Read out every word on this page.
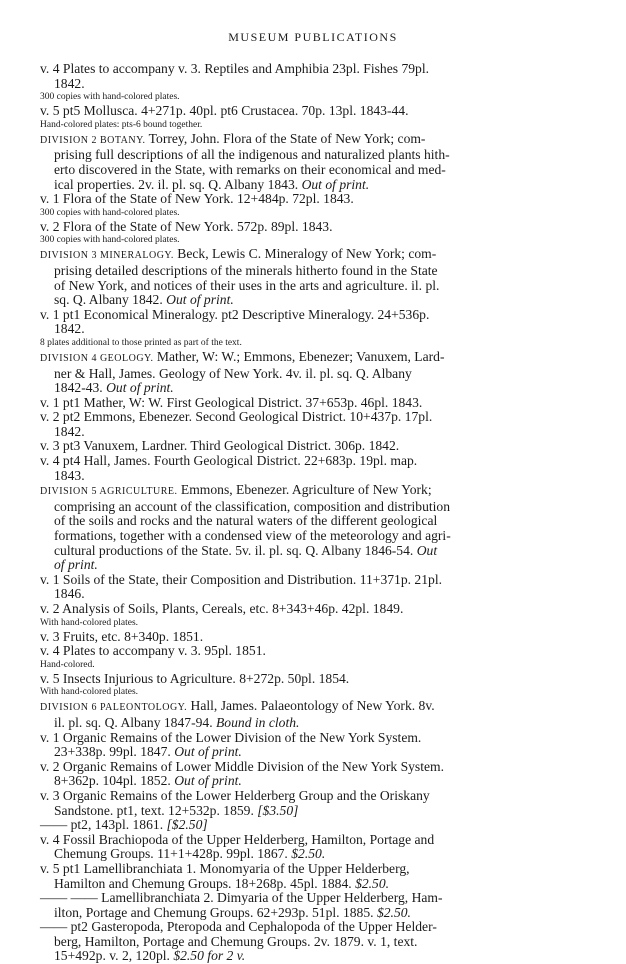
MUSEUM PUBLICATIONS

v. 4 Plates to accompany v. 3. Reptiles and Amphibia 23pl. Fishes 79pl.

1842.

300 copies with hand-colored plates.

v. 5 pt5 Mollusca. 4+271p. 40pl. pt6 Crustacea. 70p. 13pl. 1843-44.

Hand-colored plates: pts-6 bound together.

DIVISION 2 BOTANY. Torrey, John. Flora of the State of New York; com-

prising full descriptions of all the indigenous and naturalized plants hith-

erto discovered in the State, with remarks on their economical and med-

ical properties. 2v. il. pl. sq. Q. Albany 1843. Out of print.

v. 1 Flora of the State of New York. 12+484p. 72pl. 1843.

300 copies with hand-colored plates.

v. 2 Flora of the State of New York. 572p. 89pl. 1843.

300 copies with hand-colored plates.

DIVISION 3 MINERALOGY. Beck, Lewis C. Mineralogy of New York; com-

prising detailed descriptions of the minerals hitherto found in the State

of New York, and notices of their uses in the arts and agriculture. il. pl.

sq. Q. Albany 1842. Out of print.

v. 1 pt1 Economical Mineralogy. pt2 Descriptive Mineralogy. 24+536p.

1842.

8 plates additional to those printed as part of the text.

DIVISION 4 GEOLOGY. Mather, W: W.; Emmons, Ebenezer; Vanuxem, Lard-

ner & Hall, James. Geology of New York. 4v. il. pl. sq. Q. Albany

1842-43. Out of print.

v. 1 pt1 Mather, W: W. First Geological District. 37+653p. 46pl. 1843.

v. 2 pt2 Emmons, Ebenezer. Second Geological District. 10+437p. 17pl.

1842.

v. 3 pt3 Vanuxem, Lardner. Third Geological District. 306p. 1842.

v. 4 pt4 Hall, James. Fourth Geological District. 22+683p. 19pl. map.

1843.

DIVISION 5 AGRICULTURE. Emmons, Ebenezer. Agriculture of New York;

comprising an account of the classification, composition and distribution

of the soils and rocks and the natural waters of the different geological

formations, together with a condensed view of the meteorology and agri-

cultural productions of the State. 5v. il. pl. sq. Q. Albany 1846-54. Out

of print.

v. 1 Soils of the State, their Composition and Distribution. 11+371p. 21pl.

1846.

v. 2 Analysis of Soils, Plants, Cereals, etc. 8+343+46p. 42pl. 1849.

With hand-colored plates.

v. 3 Fruits, etc. 8+340p. 1851.

v. 4 Plates to accompany v. 3. 95pl. 1851.

Hand-colored.

v. 5 Insects Injurious to Agriculture. 8+272p. 50pl. 1854.

With hand-colored plates.

DIVISION 6 PALEONTOLOGY. Hall, James. Palaeontology of New York. 8v.

il. pl. sq. Q. Albany 1847-94. Bound in cloth.

v. 1 Organic Remains of the Lower Division of the New York System.

23+338p. 99pl. 1847. Out of print.

v. 2 Organic Remains of Lower Middle Division of the New York System.

8+362p. 104pl. 1852. Out of print.

v. 3 Organic Remains of the Lower Helderberg Group and the Oriskany

Sandstone. pt1, text. 12+532p. 1859. [$3.50]

—— pt2, 143pl. 1861. [$2.50]

v. 4 Fossil Brachiopoda of the Upper Helderberg, Hamilton, Portage and

Chemung Groups. 11+1+428p. 99pl. 1867. $2.50.

v. 5 pt1 Lamellibranchiata 1. Monomyaria of the Upper Helderberg,

Hamilton and Chemung Groups. 18+268p. 45pl. 1884. $2.50.

—— —— Lamellibranchiata 2. Dimyaria of the Upper Helderberg, Ham-

ilton, Portage and Chemung Groups. 62+293p. 51pl. 1885. $2.50.

—— pt2 Gasteropoda, Pteropoda and Cephalopoda of the Upper Helder-

berg, Hamilton, Portage and Chemung Groups. 2v. 1879. v. 1, text.

15+492p. v. 2, 120pl. $2.50 for 2 v.
